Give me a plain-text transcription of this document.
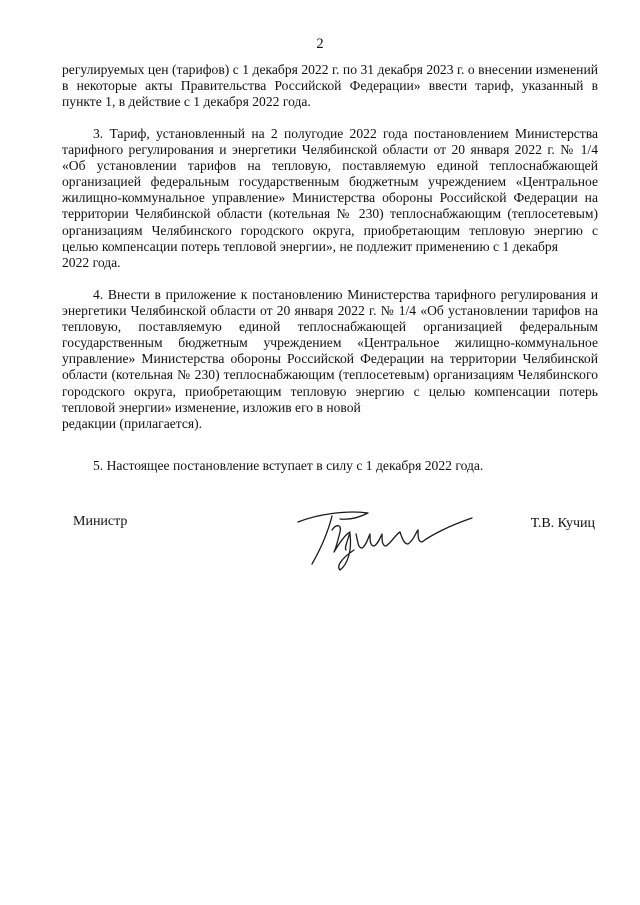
2

регулируемых цен (тарифов) с 1 декабря 2022 г. по 31 декабря 2023 г. о внесении изменений в некоторые акты Правительства Российской Федерации» ввести тариф, указанный в пункте 1, в действие с 1 декабря 2022 года.

3. Тариф, установленный на 2 полугодие 2022 года постановлением Министерства тарифного регулирования и энергетики Челябинской области от 20 января 2022 г. № 1/4 «Об установлении тарифов на тепловую, поставляемую единой теплоснабжающей организацией федеральным государственным бюджетным учреждением «Центральное жилищно-коммунальное управление» Министерства обороны Российской Федерации на территории Челябинской области (котельная № 230) теплоснабжающим (теплосетевым) организациям Челябинского городского округа, приобретающим тепловую энергию с целью компенсации потерь тепловой энергии», не подлежит применению с 1 декабря

2022 года.

4. Внести в приложение к постановлению Министерства тарифного регулирования и энергетики Челябинской области от 20 января 2022 г. № 1/4 «Об установлении тарифов на тепловую, поставляемую единой теплоснабжающей организацией федеральным государственным бюджетным учреждением «Центральное жилищно-коммунальное управление» Министерства обороны Российской Федерации на территории Челябинской области (котельная № 230) теплоснабжающим (теплосетевым) организациям Челябинского городского округа, приобретающим тепловую энергию с целью компенсации потерь тепловой энергии» изменение, изложив его в новой

редакции (прилагается).

5. Настоящее постановление вступает в силу с 1 декабря 2022 года.

Министр	Т.В. Кучиц
